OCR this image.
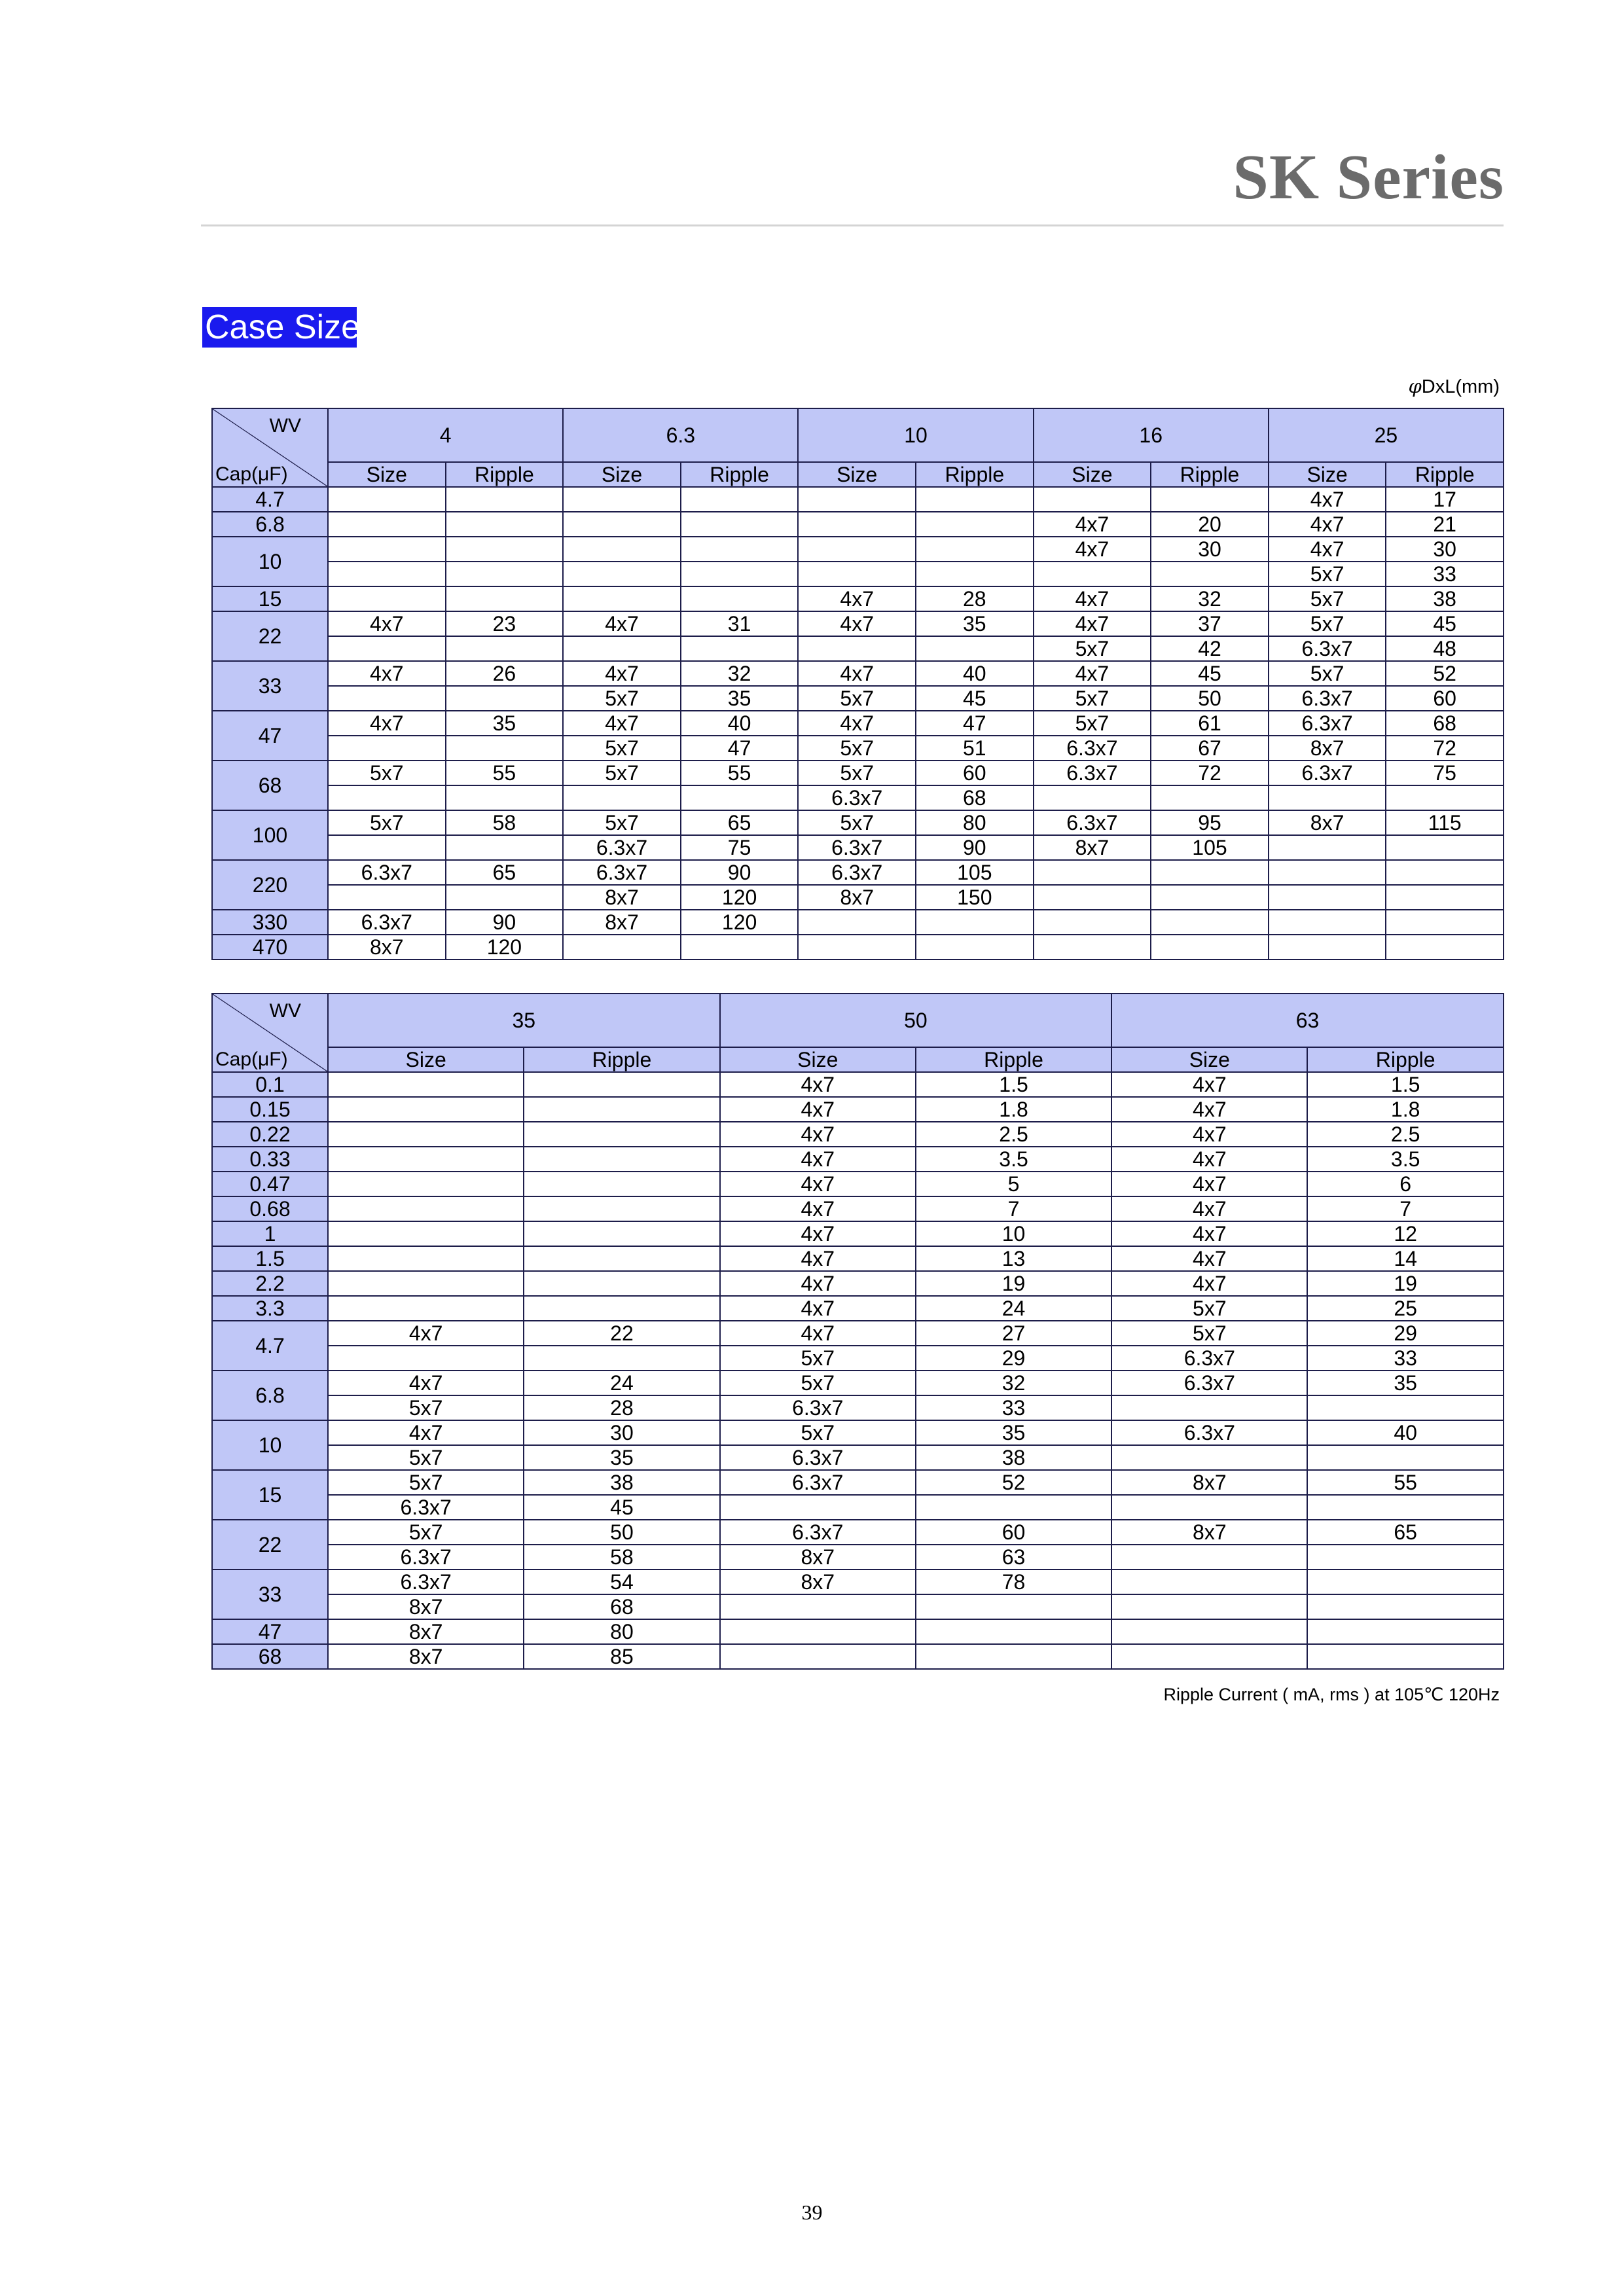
SK Series
Case Size
φDxL(mm)
WV
Cap(μF)	4		6.3		10		16		25	
	Size	Ripple	Size	Ripple	Size	Ripple	Size	Ripple	Size	Ripple
4.7									4x7	17
6.8							4x7	20	4x7	21
10							4x7	30	4x7	30
									5x7	33
15					4x7	28	4x7	32	5x7	38
22	4x7	23	4x7	31	4x7	35	4x7	37	5x7	45
							5x7	42	6.3x7	48
33	4x7	26	4x7	32	4x7	40	4x7	45	5x7	52
			5x7	35	5x7	45	5x7	50	6.3x7	60
47	4x7	35	4x7	40	4x7	47	5x7	61	6.3x7	68
			5x7	47	5x7	51	6.3x7	67	8x7	72
68	5x7	55	5x7	55	5x7	60	6.3x7	72	6.3x7	75
					6.3x7	68				
100	5x7	58	5x7	65	5x7	80	6.3x7	95	8x7	115
			6.3x7	75	6.3x7	90	8x7	105		
220	6.3x7	65	6.3x7	90	6.3x7	105				
			8x7	120	8x7	150				
330	6.3x7	90	8x7	120						
470	8x7	120								
WV
Cap(μF)	35		50		63	
	Size	Ripple	Size	Ripple	Size	Ripple
0.1			4x7	1.5	4x7	1.5
0.15			4x7	1.8	4x7	1.8
0.22			4x7	2.5	4x7	2.5
0.33			4x7	3.5	4x7	3.5
0.47			4x7	5	4x7	6
0.68			4x7	7	4x7	7
1			4x7	10	4x7	12
1.5			4x7	13	4x7	14
2.2			4x7	19	4x7	19
3.3			4x7	24	5x7	25
4.7	4x7	22	4x7	27	5x7	29
			5x7	29	6.3x7	33
6.8	4x7	24	5x7	32	6.3x7	35
	5x7	28	6.3x7	33		
10	4x7	30	5x7	35	6.3x7	40
	5x7	35	6.3x7	38		
15	5x7	38	6.3x7	52	8x7	55
	6.3x7	45				
22	5x7	50	6.3x7	60	8x7	65
	6.3x7	58	8x7	63		
33	6.3x7	54	8x7	78		
	8x7	68				
47	8x7	80				
68	8x7	85				
Ripple Current ( mA, rms ) at 105℃ 120Hz
39
